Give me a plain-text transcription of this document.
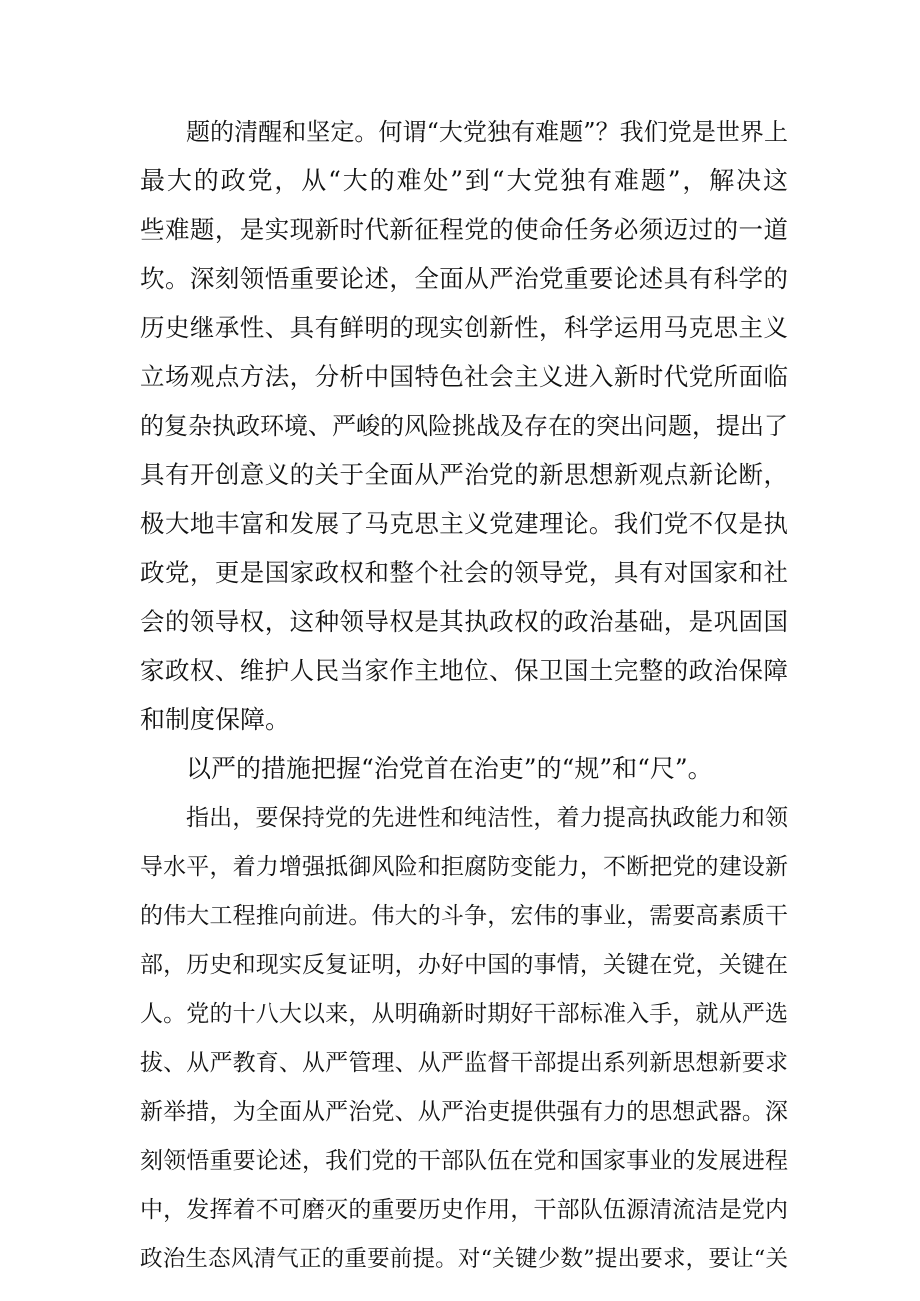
题的清醒和坚定。何谓“大党独有难题”？我们党是世界上
最大的政党，从“大的难处”到“大党独有难题”，解决这
些难题，是实现新时代新征程党的使命任务必须迈过的一道
坎。深刻领悟重要论述，全面从严治党重要论述具有科学的
历史继承性、具有鲜明的现实创新性，科学运用马克思主义
立场观点方法，分析中国特色社会主义进入新时代党所面临
的复杂执政环境、严峻的风险挑战及存在的突出问题，提出了
具有开创意义的关于全面从严治党的新思想新观点新论断，
极大地丰富和发展了马克思主义党建理论。我们党不仅是执
政党，更是国家政权和整个社会的领导党，具有对国家和社
会的领导权，这种领导权是其执政权的政治基础，是巩固国
家政权、维护人民当家作主地位、保卫国土完整的政治保障
和制度保障。
以严的措施把握“治党首在治吏”的“规”和“尺”。
指出，要保持党的先进性和纯洁性，着力提高执政能力和领
导水平，着力增强抵御风险和拒腐防变能力，不断把党的建设新
的伟大工程推向前进。伟大的斗争，宏伟的事业，需要高素质干
部，历史和现实反复证明，办好中国的事情，关键在党，关键在
人。党的十八大以来，从明确新时期好干部标准入手，就从严选
拔、从严教育、从严管理、从严监督干部提出系列新思想新要求
新举措，为全面从严治党、从严治吏提供强有力的思想武器。深
刻领悟重要论述，我们党的干部队伍在党和国家事业的发展进程
中，发挥着不可磨灭的重要历史作用，干部队伍源清流洁是党内
政治生态风清气正的重要前提。对“关键少数”提出要求，要让“关
